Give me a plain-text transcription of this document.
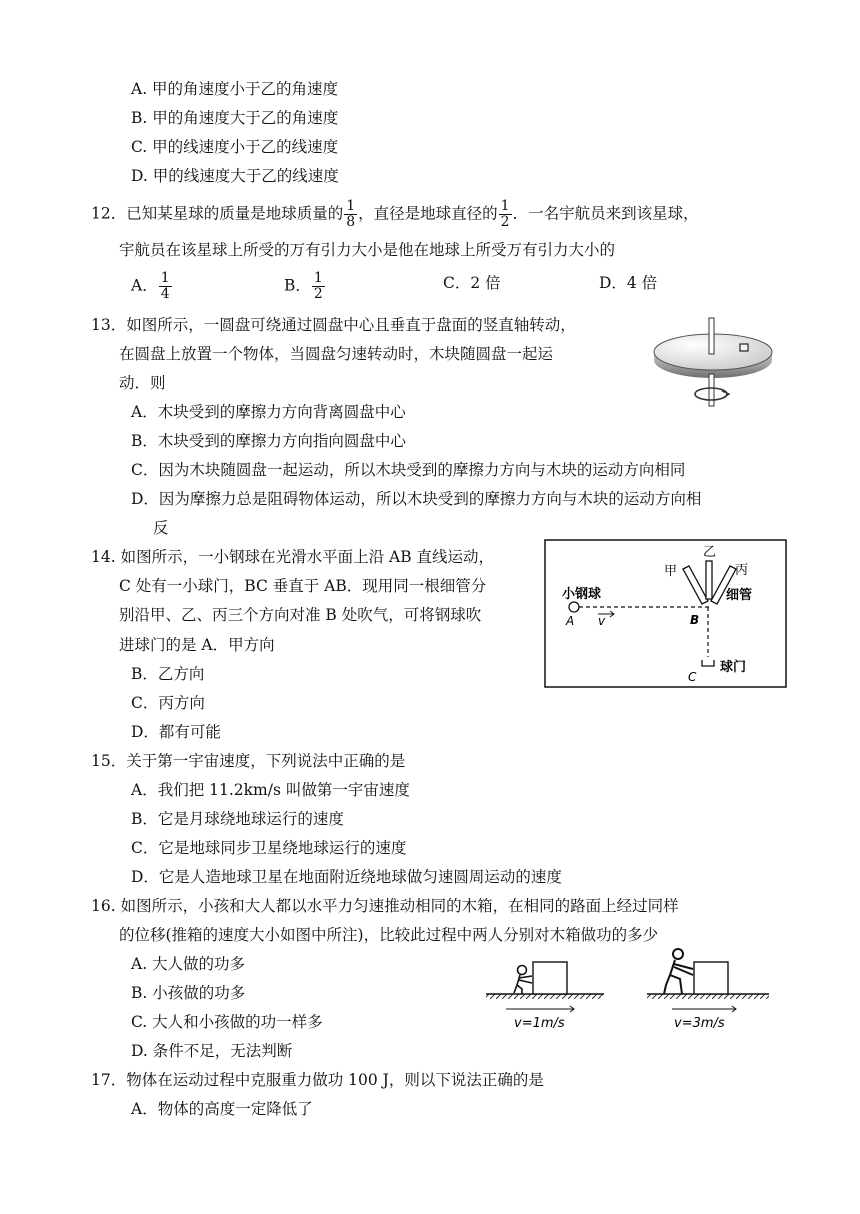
A. 甲的角速度小于乙的角速度
B. 甲的角速度大于乙的角速度
C. 甲的线速度小于乙的线速度
D. 甲的线速度大于乙的线速度
12．已知某星球的质量是地球质量的 $\frac{1}{8}$ ，直径是地球直径的 $\frac{1}{2}$ ．一名宇航员来到该星球，
宇航员在该星球上所受的万有引力大小是他在地球上所受万有引力大小的
A． $\frac{1}{4}$	B． $\frac{1}{2}$	C．2 倍	D．4 倍
13．如图所示，一圆盘可绕通过圆盘中心且垂直于盘面的竖直轴转动，
在圆盘上放置一个物体，当圆盘匀速转动时，木块随圆盘一起运
动．则
A．木块受到的摩擦力方向背离圆盘中心
B．木块受到的摩擦力方向指向圆盘中心
C．因为木块随圆盘一起运动，所以木块受到的摩擦力方向与木块的运动方向相同
D．因为摩擦力总是阻碍物体运动，所以木块受到的摩擦力方向与木块的运动方向相
反
14. 如图所示，一小钢球在光滑水平面上沿 AB 直线运动，
C 处有一小球门，BC 垂直于 AB．现用同一根细管分
别沿甲、乙、丙三个方向对准 B 处吹气，可将钢球吹
进球门的是 A．甲方向
B．乙方向
C．丙方向
D．都有可能
小钢球
A v	B
C
甲
乙
丙
细管
球门
15．关于第一宇宙速度，下列说法中正确的是
A．我们把 11.2km/s 叫做第一宇宙速度
B．它是月球绕地球运行的速度
C．它是地球同步卫星绕地球运行的速度
D．它是人造地球卫星在地面附近绕地球做匀速圆周运动的速度
16. 如图所示，小孩和大人都以水平力匀速推动相同的木箱，在相同的路面上经过同样
的位移(推箱的速度大小如图中所注)，比较此过程中两人分别对木箱做功的多少
A. 大人做的功多
B. 小孩做的功多
C. 大人和小孩做的功一样多
D. 条件不足，无法判断
v=1m/s	v=3m/s
17．物体在运动过程中克服重力做功 100 J，则以下说法正确的是
A．物体的高度一定降低了
